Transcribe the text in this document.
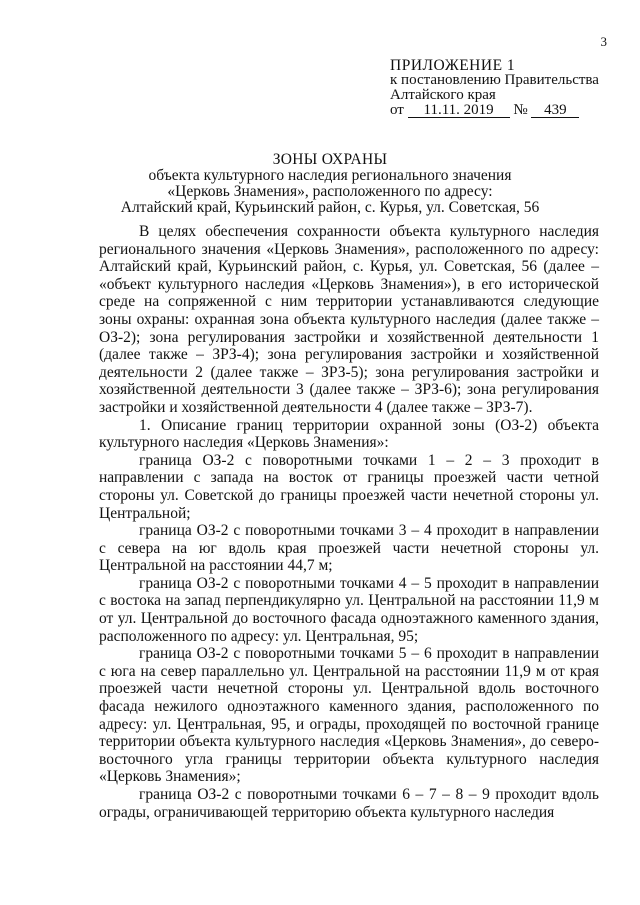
3
ПРИЛОЖЕНИЕ 1
к постановлению Правительства
Алтайского края
от 11.11. 2019 № 439
ЗОНЫ ОХРАНЫ
объекта культурного наследия регионального значения
«Церковь Знамения», расположенного по адресу:
Алтайский край, Курьинский район, с. Курья, ул. Советская, 56

В целях обеспечения сохранности объекта культурного наследия регионального значения «Церковь Знамения», расположенного по адресу: Алтайский край, Курьинский район, с. Курья, ул. Советская, 56 (далее – «объект культурного наследия «Церковь Знамения»), в его исторической среде на сопряженной с ним территории устанавливаются следующие зоны охраны: охранная зона объекта культурного наследия (далее также – ОЗ-2); зона регулирования застройки и хозяйственной деятельности 1 (далее также – ЗРЗ-4); зона регулирования застройки и хозяйственной деятельности 2 (далее также – ЗРЗ-5); зона регулирования застройки и хозяйственной деятельности 3 (далее также – ЗРЗ-6); зона регулирования застройки и хозяйственной деятельности 4 (далее также – ЗРЗ-7).

1. Описание границ территории охранной зоны (ОЗ-2) объекта культурного наследия «Церковь Знамения»:

граница ОЗ-2 с поворотными точками 1 – 2 – 3 проходит в направлении с запада на восток от границы проезжей части четной стороны ул. Советской до границы проезжей части нечетной стороны ул. Центральной;

граница ОЗ-2 с поворотными точками 3 – 4 проходит в направлении с севера на юг вдоль края проезжей части нечетной стороны ул. Центральной на расстоянии 44,7 м;

граница ОЗ-2 с поворотными точками 4 – 5 проходит в направлении с востока на запад перпендикулярно ул. Центральной на расстоянии 11,9 м от ул. Центральной до восточного фасада одноэтажного каменного здания, расположенного по адресу: ул. Центральная, 95;

граница ОЗ-2 с поворотными точками 5 – 6 проходит в направлении с юга на север параллельно ул. Центральной на расстоянии 11,9 м от края проезжей части нечетной стороны ул. Центральной вдоль восточного фасада нежилого одноэтажного каменного здания, расположенного по адресу: ул. Центральная, 95, и ограды, проходящей по восточной границе территории объекта культурного наследия «Церковь Знамения», до северо-восточного угла границы территории объекта культурного наследия «Церковь Знамения»;

граница ОЗ-2 с поворотными точками 6 – 7 – 8 – 9 проходит вдоль ограды, ограничивающей территорию объекта культурного наследия
